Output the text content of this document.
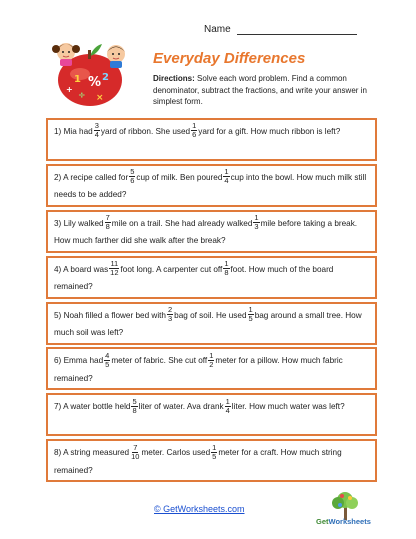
Name
1 % 2
÷ ×
+
Everyday Differences
Directions: Solve each word problem. Find a common denominator, subtract the fractions, and write your answer in simplest form.
1) Mia had $\frac{3}{4}$ yard of ribbon. She used $\frac{1}{6}$ yard for a gift. How much ribbon is left?
2) A recipe called for $\frac{5}{6}$ cup of milk. Ben poured $\frac{1}{4}$ cup into the bowl. How much milk still needs to be added?
3) Lily walked $\frac{7}{8}$ mile on a trail. She had already walked $\frac{1}{3}$ mile before taking a break. How much farther did she walk after the break?
4) A board was $\frac{11}{12}$ foot long. A carpenter cut off $\frac{1}{8}$ foot. How much of the board remained?
5) Noah filled a flower bed with $\frac{2}{3}$ bag of soil. He used $\frac{1}{5}$ bag around a small tree. How much soil was left?
6) Emma had $\frac{4}{5}$ meter of fabric. She cut off $\frac{1}{2}$ meter for a pillow. How much fabric remained?
7) A water bottle held $\frac{5}{8}$ liter of water. Ava drank $\frac{1}{4}$ liter. How much water was left?
8) A string measured $\frac{7}{10}$ meter. Carlos used $\frac{1}{5}$ meter for a craft. How much string remained?
© GetWorksheets.com
GetWorksheets
